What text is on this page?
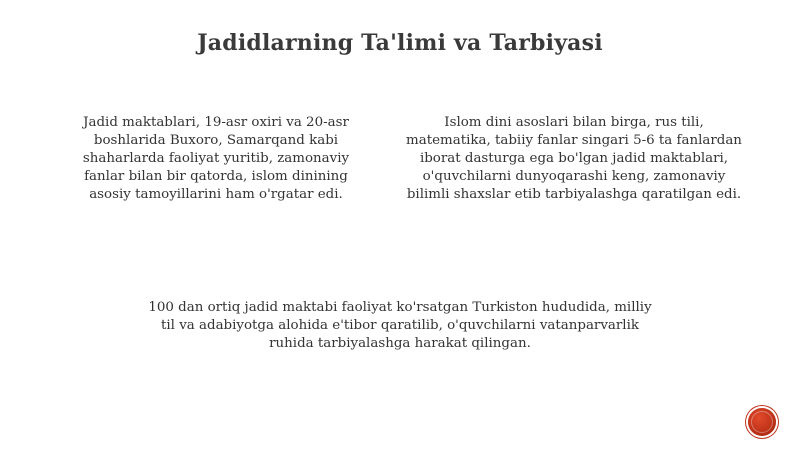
Jadidlarning Ta'limi va Tarbiyasi
Jadid maktablari, 19-asr oxiri va 20-asr boshlarida Buxoro, Samarqand kabi shaharlarda faoliyat yuritib, zamonaviy fanlar bilan bir qatorda, islom dinining asosiy tamoyillarini ham o'rgatar edi.
Islom dini asoslari bilan birga, rus tili, matematika, tabiiy fanlar singari 5-6 ta fanlardan iborat dasturga ega bo'lgan jadid maktablari, o'quvchilarni dunyoqarashi keng, zamonaviy bilimli shaxslar etib tarbiyalashga qaratilgan edi.
100 dan ortiq jadid maktabi faoliyat ko'rsatgan Turkiston hududida, milliy til va adabiyotga alohida e'tibor qaratilib, o'quvchilarni vatanparvarlik ruhida tarbiyalashga harakat qilingan.
